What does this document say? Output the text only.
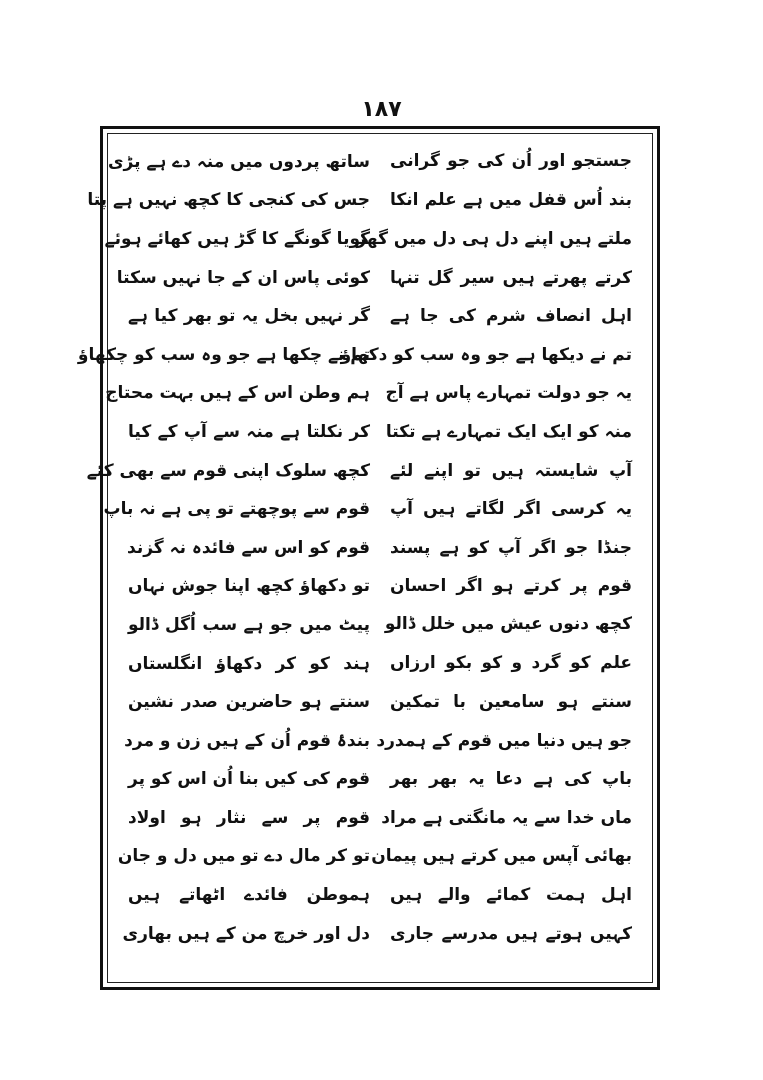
١٨٧
جستجو اور اُن کی جو گرانی
ساتھ پردوں میں منہ دے ہے پڑی
بند اُس قفل میں ہے علم انکا
جس کی کنجی کا کچھ نہیں ہے پتا
ملتے ہیں اپنے دل ہی دل میں گھر
گویا گونگے کا گڑ ہیں کھائے ہوئے
کرتے پھرتے ہیں سیر گل تنہا
کوئی پاس ان کے جا نہیں سکتا
اہل انصاف شرم کی جا ہے
گر نہیں بخل یہ تو بھر کیا ہے
تم نے دیکھا ہے جو وہ سب کو دکھاؤ
تم نے چکھا ہے جو وہ سب کو چکھاؤ
یہ جو دولت تمہارے پاس ہے آج
ہم وطن اس کے ہیں بہت محتاج
منہ کو ایک ایک تمہارے ہے تکتا
کر نکلتا ہے منہ سے آپ کے کیا
آپ شایستہ ہیں تو اپنے لئے
کچھ سلوک اپنی قوم سے بھی کئے
یہ کرسی اگر لگاتے ہیں آپ
قوم سے پوچھتے تو پی ہے نہ باپ
جنڈا جو اگر آپ کو ہے پسند
قوم کو اس سے فائدہ نہ گزند
قوم پر کرتے ہو اگر احسان
تو دکھاؤ کچھ اپنا جوش نہاں
کچھ دنوں عیش میں خلل ڈالو
پیٹ میں جو ہے سب اُگل ڈالو
علم کو گرد و کو بکو ارزاں
ہند کو کر دکھاؤ انگلستاں
سنتے ہو سامعین با تمکین
سنتے ہو حاضرین صدر نشین
جو ہیں دنیا میں قوم کے ہمدرد
بندۂ قوم اُن کے ہیں زن و مرد
باپ کی ہے دعا یہ بھر بھر
قوم کی کیں بنا اُن اس کو پر
ماں خدا سے یہ مانگتی ہے مراد
قوم پر سے نثار ہو اولاد
بھائی آپس میں کرتے ہیں پیمان
تو کر مال دے تو میں دل و جان
اہل ہمت کمائے والے ہیں
ہموطن فائدے اٹھاتے ہیں
کہیں ہوتے ہیں مدرسے جاری
دل اور خرچ من کے ہیں بھاری
